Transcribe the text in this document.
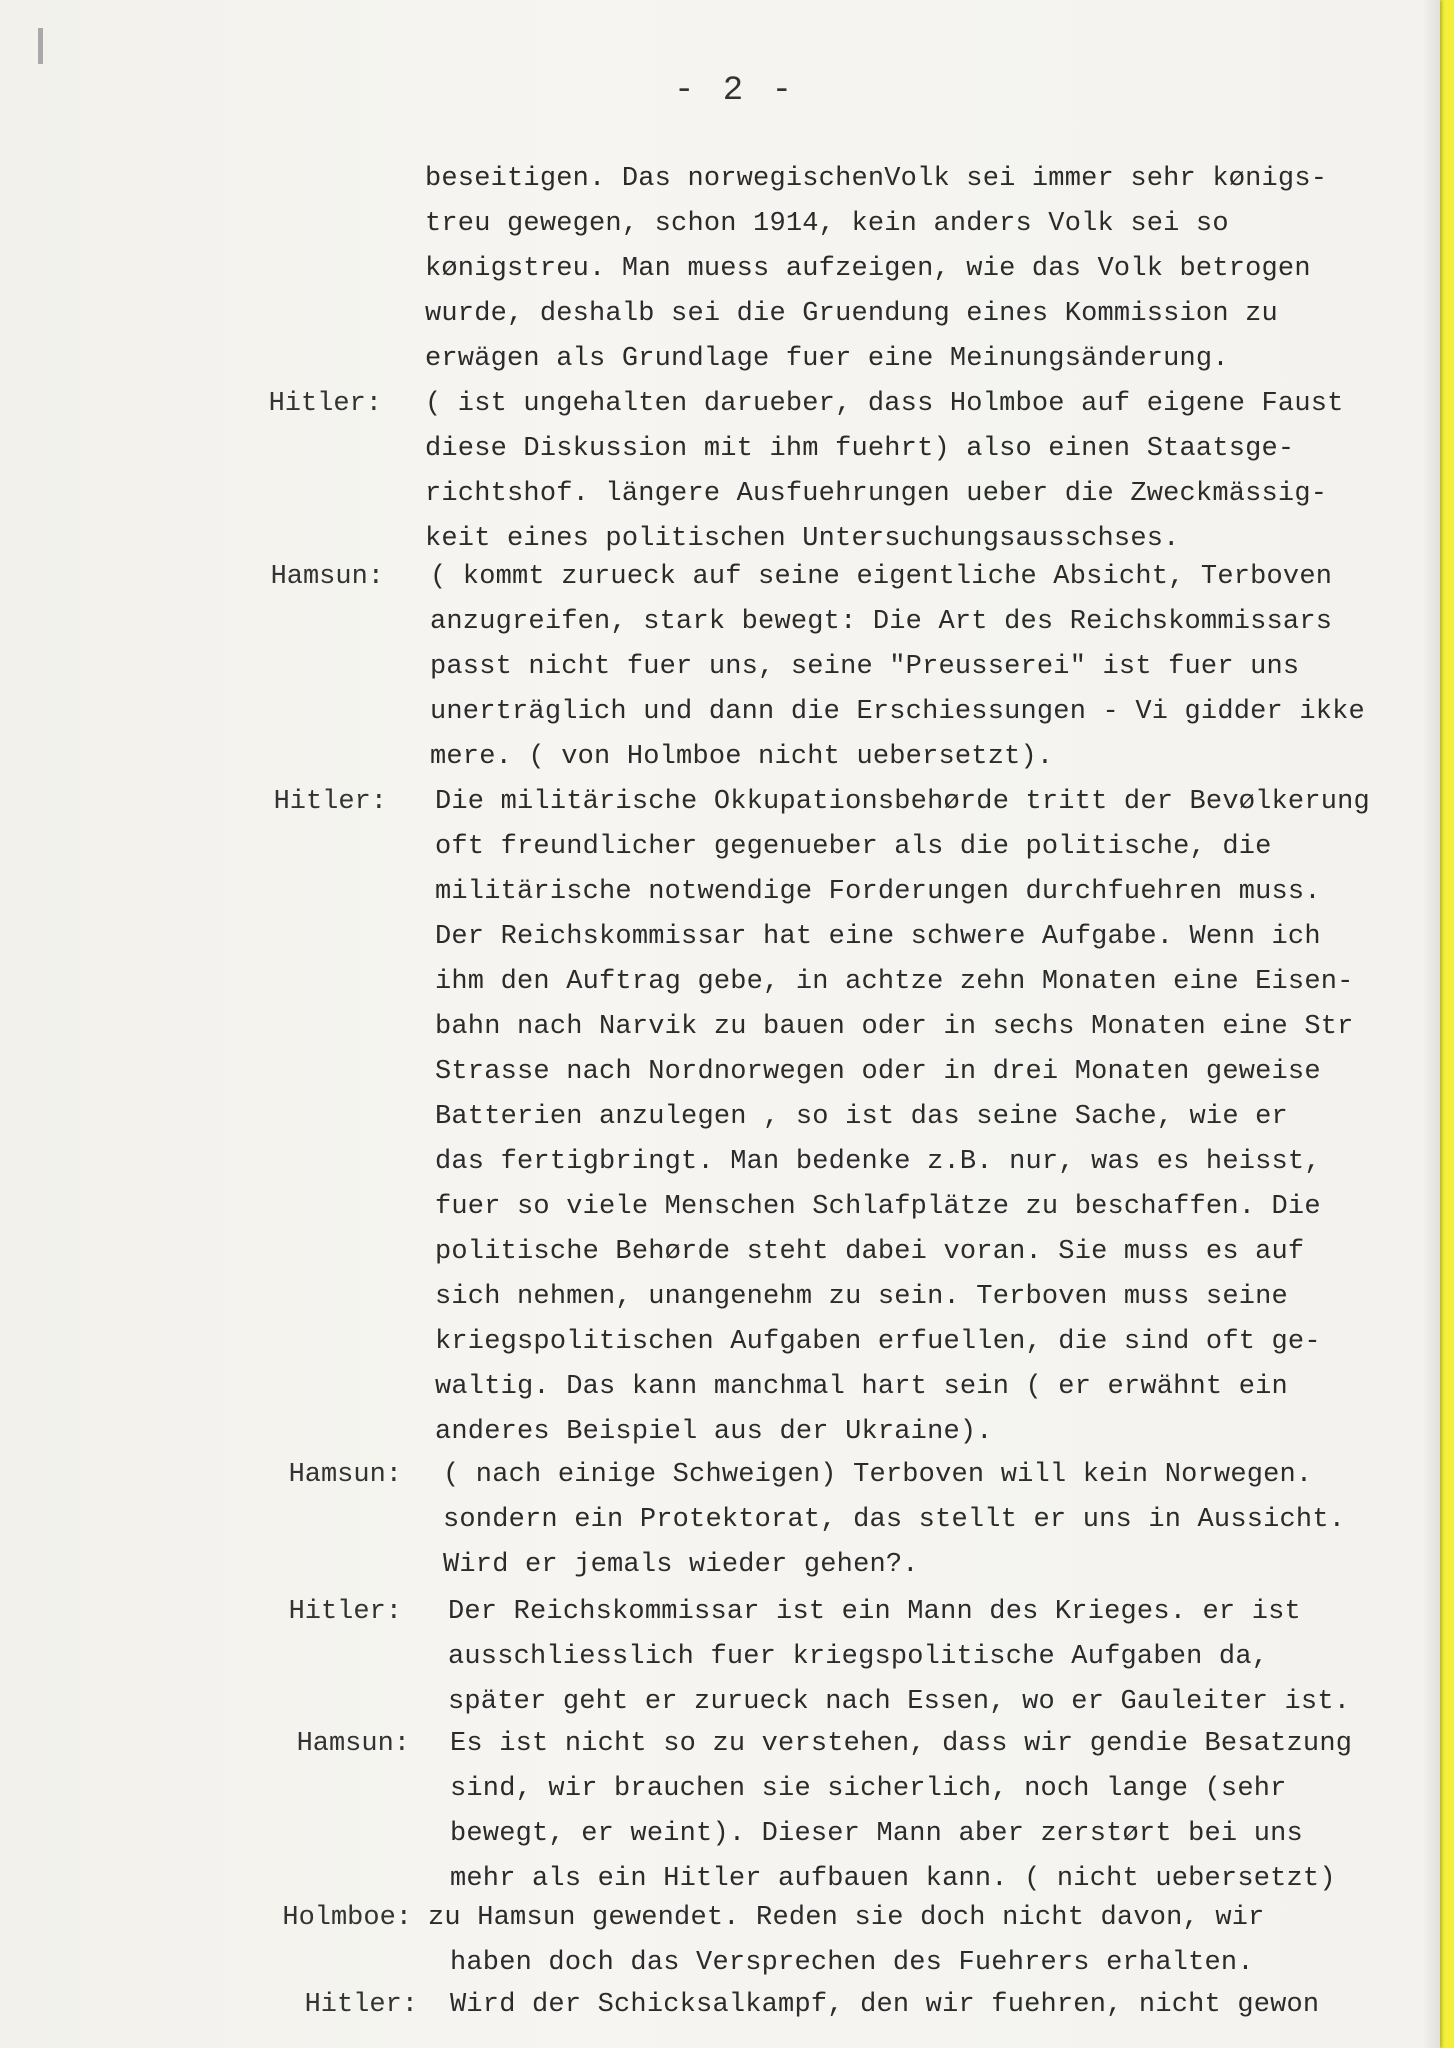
- 2 -
beseitigen. Das norwegischenVolk sei immer sehr kønigs-
treu gewegen, schon 1914, kein anders Volk sei so
kønigstreu. Man muess aufzeigen, wie das Volk betrogen
wurde, deshalb sei die Gruendung eines Kommission zu
erwägen als Grundlage fuer eine Meinungsänderung.
Hitler: ( ist ungehalten darueber, dass Holmboe auf eigene Faust
diese Diskussion mit ihm fuehrt) also einen Staatsge-
richtshof. längere Ausfuehrungen ueber die Zweckmässig-
keit eines politischen Untersuchungsausschses.
Hamsun: ( kommt zurueck auf seine eigentliche Absicht, Terboven
anzugreifen, stark bewegt: Die Art des Reichskommissars
passt nicht fuer uns, seine "Preusserei" ist fuer uns
unerträglich und dann die Erschiessungen - Vi gidder ikke
mere. ( von Holmboe nicht uebersetzt).
Hitler: Die militärische Okkupationsbehørde tritt der Bevølkerung
oft freundlicher gegenueber als die politische, die
militärische notwendige Forderungen durchfuehren muss.
Der Reichskommissar hat eine schwere Aufgabe. Wenn ich
ihm den Auftrag gebe, in achtze zehn Monaten eine Eisen-
bahn nach Narvik zu bauen oder in sechs Monaten eine Str
Strasse nach Nordnorwegen oder in drei Monaten geweise
Batterien anzulegen , so ist das seine Sache, wie er
das fertigbringt. Man bedenke z.B. nur, was es heisst,
fuer so viele Menschen Schlafplätze zu beschaffen. Die
politische Behørde steht dabei voran. Sie muss es auf
sich nehmen, unangenehm zu sein. Terboven muss seine
kriegspolitischen Aufgaben erfuellen, die sind oft ge-
waltig. Das kann manchmal hart sein ( er erwähnt ein
anderes Beispiel aus der Ukraine).
Hamsun: ( nach einige Schweigen) Terboven will kein Norwegen.
sondern ein Protektorat, das stellt er uns in Aussicht.
Wird er jemals wieder gehen?.
Hitler: Der Reichskommissar ist ein Mann des Krieges. er ist
ausschliesslich fuer kriegspolitische Aufgaben da,
später geht er zurueck nach Essen, wo er Gauleiter ist.
Hamsun: Es ist nicht so zu verstehen, dass wir gendie Besatzung
sind, wir brauchen sie sicherlich, noch lange (sehr
bewegt, er weint). Dieser Mann aber zerstørt bei uns
mehr als ein Hitler aufbauen kann. ( nicht uebersetzt)
Holmboe: zu Hamsun gewendet. Reden sie doch nicht davon, wir
haben doch das Versprechen des Fuehrers erhalten.
Hitler: Wird der Schicksalkampf, den wir fuehren, nicht gewon
